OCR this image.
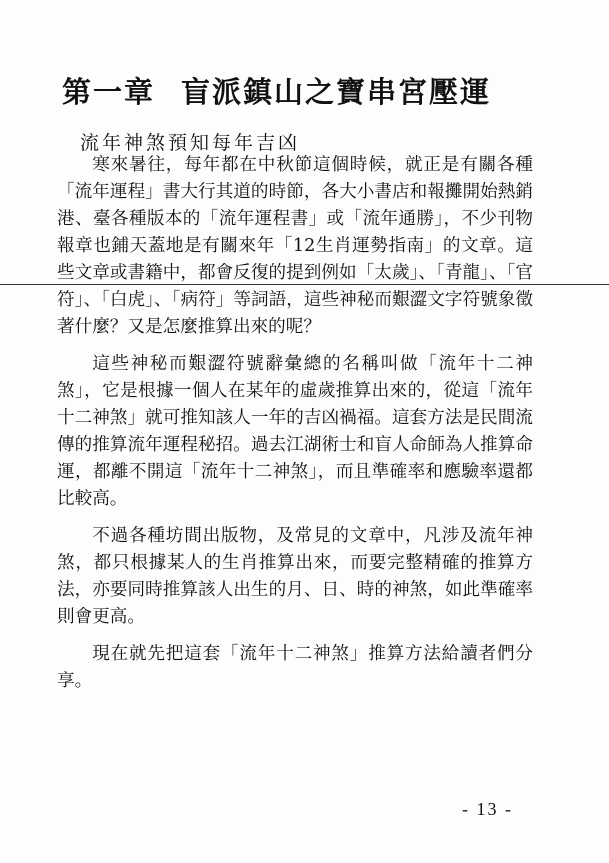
第一章 盲派鎮山之寶串宮壓運
流年神煞預知每年吉凶

寒來暑往，每年都在中秋節這個時候，就正是有關各種「流年運程」書大行其道的時節，各大小書店和報攤開始熱銷港、臺各種版本的「流年運程書」或「流年通勝」，不少刊物報章也鋪天蓋地是有關來年「12生肖運勢指南」的文章。這些文章或書籍中，都會反復的提到例如「太歲」、「青龍」、「官符」、「白虎」、「病符」等詞語，這些神秘而艱澀文字符號象徵著什麼？又是怎麼推算出來的呢？

這些神秘而艱澀符號辭彙總的名稱叫做「流年十二神煞」，它是根據一個人在某年的虛歲推算出來的，從這「流年十二神煞」就可推知該人一年的吉凶禍福。這套方法是民間流傳的推算流年運程秘招。過去江湖術士和盲人命師為人推算命運，都離不開這「流年十二神煞」，而且準確率和應驗率還都比較高。

不過各種坊間出版物，及常見的文章中，凡涉及流年神煞，都只根據某人的生肖推算出來，而要完整精確的推算方法，亦要同時推算該人出生的月、日、時的神煞，如此準確率則會更高。

現在就先把這套「流年十二神煞」推算方法給讀者們分享。

- 13 -
